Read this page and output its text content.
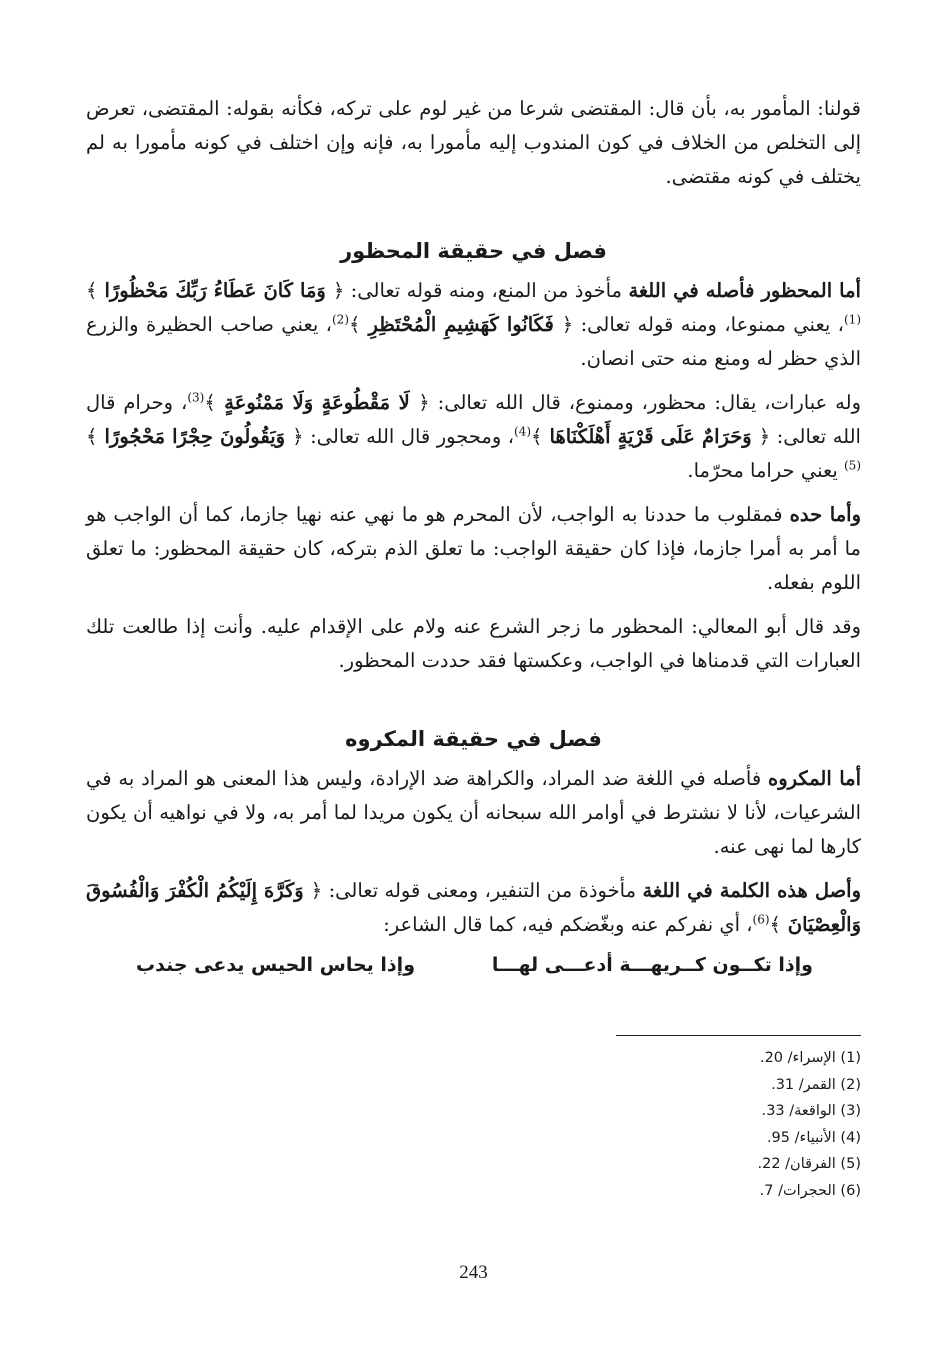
قولنا: المأمور به، بأن قال: المقتضى شرعا من غير لوم على تركه، فكأنه بقوله: المقتضى، تعرض إلى التخلص من الخلاف في كون المندوب إليه مأمورا به، فإنه وإن اختلف في كونه مأمورا به لم يختلف في كونه مقتضى.

فصل في حقيقة المحظور

أما المحظور فأصله في اللغة مأخوذ من المنع، ومنه قوله تعالى: ﴿ وَمَا كَانَ عَطَاءُ رَبِّكَ مَحْظُورًا ﴾$^{(1)}$، يعني ممنوعا، ومنه قوله تعالى: ﴿ فَكَانُوا كَهَشِيمِ الْمُحْتَظِرِ ﴾$^{(2)}$، يعني صاحب الحظيرة والزرع الذي حظر له ومنع منه حتى انصان.

وله عبارات، يقال: محظور، وممنوع، قال الله تعالى: ﴿ لَا مَقْطُوعَةٍ وَلَا مَمْنُوعَةٍ ﴾$^{(3)}$، وحرام قال الله تعالى: ﴿ وَحَرَامٌ عَلَى قَرْيَةٍ أَهْلَكْنَاهَا ﴾$^{(4)}$، ومحجور قال الله تعالى: ﴿ وَيَقُولُونَ حِجْرًا مَحْجُورًا ﴾$^{(5)}$ يعني حراما محرّما.

وأما حده فمقلوب ما حددنا به الواجب، لأن المحرم هو ما نهي عنه نهيا جازما، كما أن الواجب هو ما أمر به أمرا جازما، فإذا كان حقيقة الواجب: ما تعلق الذم بتركه، كان حقيقة المحظور: ما تعلق اللوم بفعله.

وقد قال أبو المعالي: المحظور ما زجر الشرع عنه ولام على الإقدام عليه. وأنت إذا طالعت تلك العبارات التي قدمناها في الواجب، وعكستها فقد حددت المحظور.

فصل في حقيقة المكروه

أما المكروه فأصله في اللغة ضد المراد، والكراهة ضد الإرادة، وليس هذا المعنى هو المراد به في الشرعيات، لأنا لا نشترط في أوامر الله سبحانه أن يكون مريدا لما أمر به، ولا في نواهيه أن يكون كارها لما نهى عنه.

وأصل هذه الكلمة في اللغة مأخوذة من التنفير، ومعنى قوله تعالى: ﴿ وَكَرَّهَ إِلَيْكُمُ الْكُفْرَ وَالْفُسُوقَ وَالْعِصْيَانَ ﴾$^{(6)}$، أي نفركم عنه وبغّضكم فيه، كما قال الشاعر:

وإذا تكــون كــريهـــة أدعـــى لهـــا
وإذا يحاس الحيس يدعى جندب
(1) الإسراء/ 20.
(2) القمر/ 31.
(3) الواقعة/ 33.
(4) الأنبياء/ 95.
(5) الفرقان/ 22.
(6) الحجرات/ 7.
243
